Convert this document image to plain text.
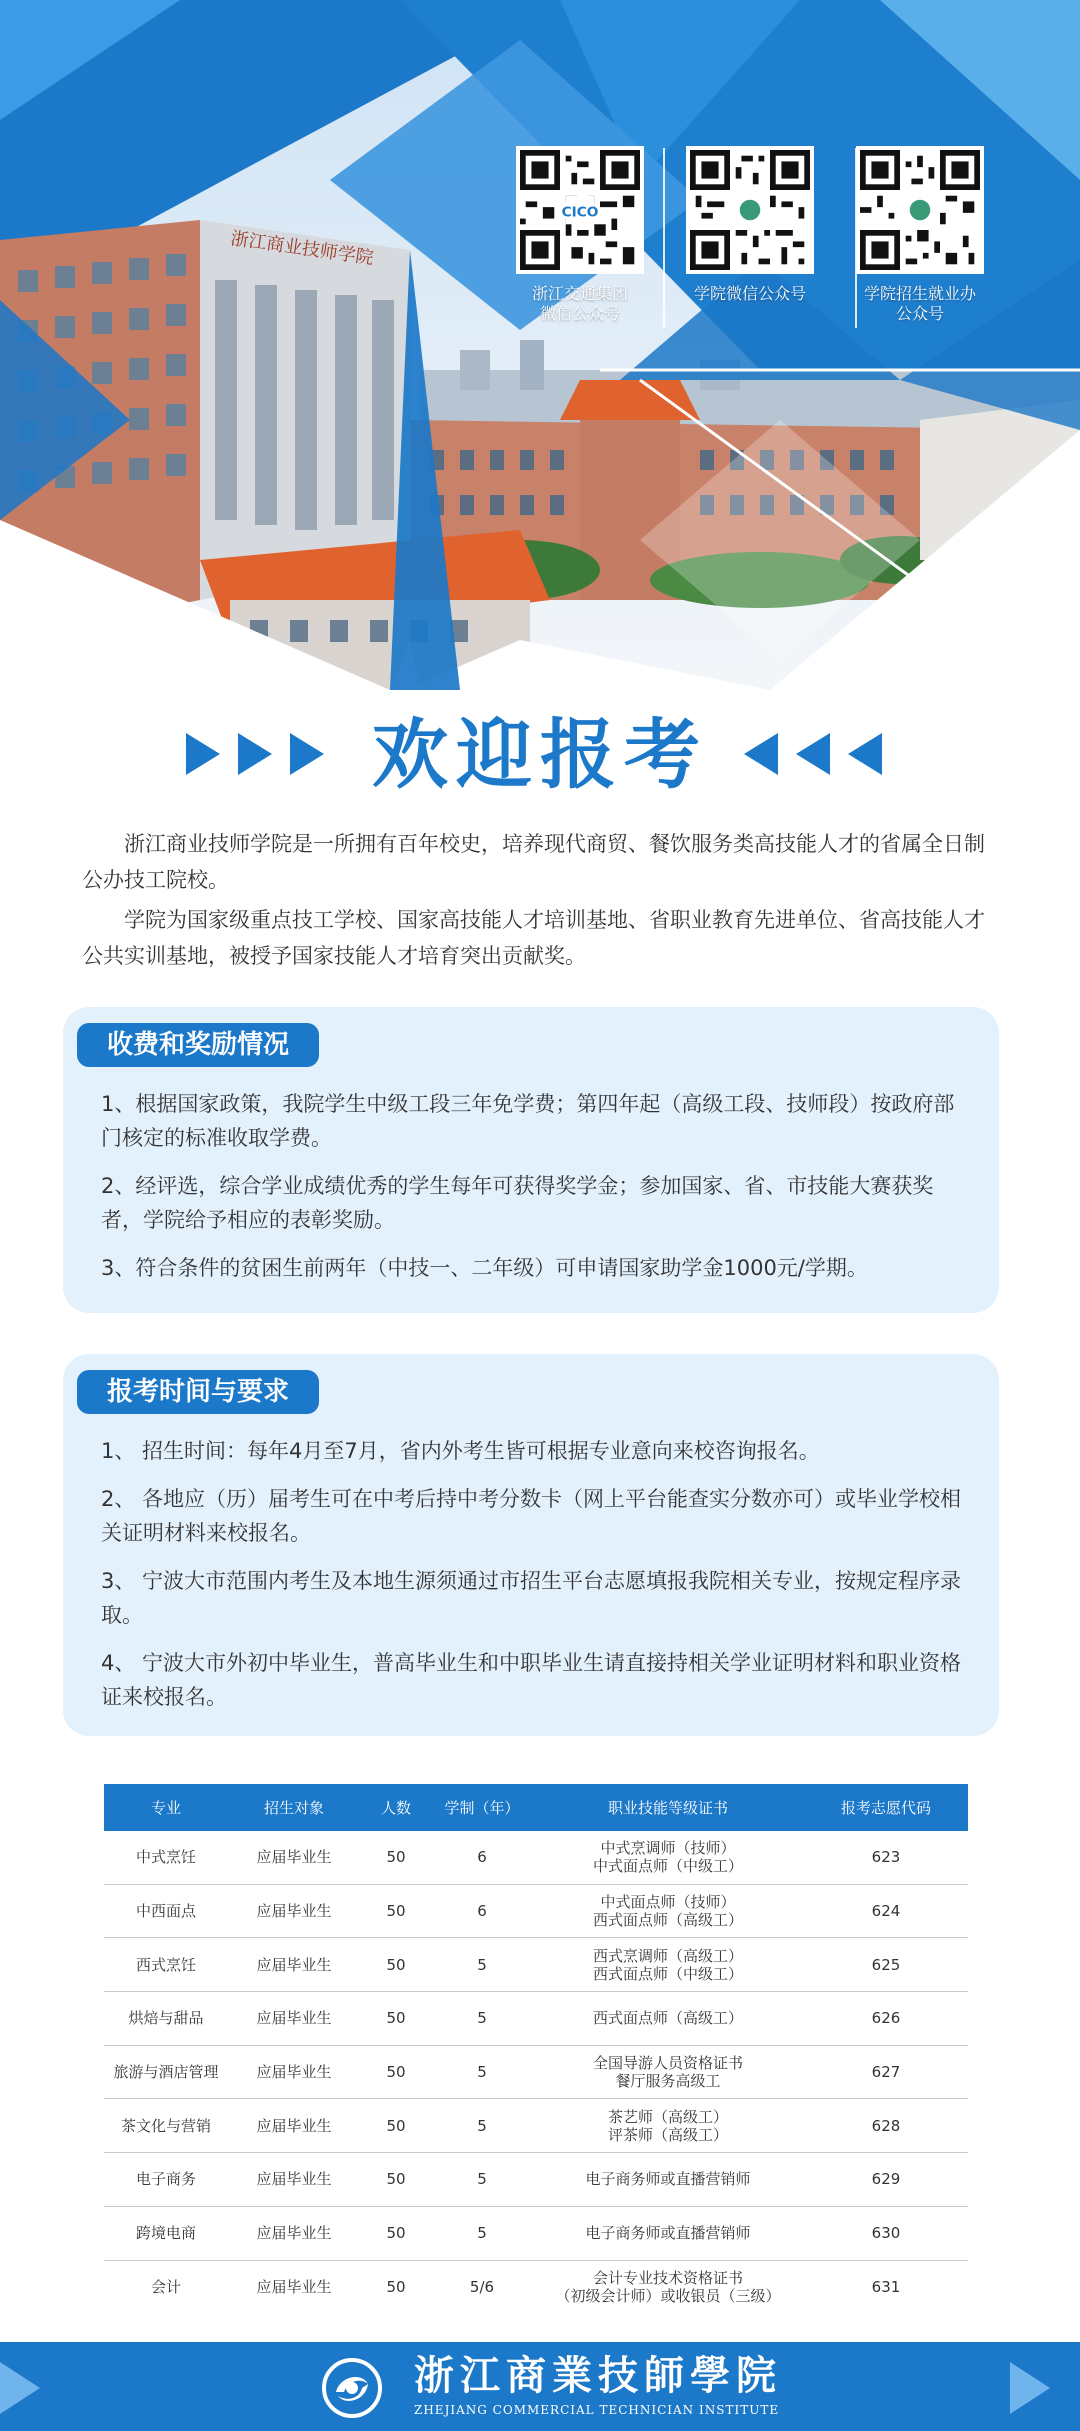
浙江商业技师学院
CICO
浙江交通集团
微信公众号
学院微信公众号	学院招生就业办
公众号
欢迎报考

浙江商业技师学院是一所拥有百年校史，培养现代商贸、餐饮服务类高技能人才的省属全日制公办技工院校。

学院为国家级重点技工学校、国家高技能人才培训基地、省职业教育先进单位、省高技能人才公共实训基地，被授予国家技能人才培育突出贡献奖。

收费和奖励情况

1、根据国家政策，我院学生中级工段三年免学费；第四年起（高级工段、技师段）按政府部门核定的标准收取学费。

2、经评选，综合学业成绩优秀的学生每年可获得奖学金；参加国家、省、市技能大赛获奖者，学院给予相应的表彰奖励。

3、符合条件的贫困生前两年（中技一、二年级）可申请国家助学金1000元/学期。

报考时间与要求

1、 招生时间：每年4月至7月，省内外考生皆可根据专业意向来校咨询报名。

2、 各地应（历）届考生可在中考后持中考分数卡（网上平台能查实分数亦可）或毕业学校相关证明材料来校报名。

3、 宁波大市范围内考生及本地生源须通过市招生平台志愿填报我院相关专业，按规定程序录取。

4、 宁波大市外初中毕业生，普高毕业生和中职毕业生请直接持相关学业证明材料和职业资格证来校报名。

专业	招生对象	人数	学制（年）	职业技能等级证书	报考志愿代码
中式烹饪	应届毕业生	50	6	中式烹调师（技师）
中式面点师（中级工）	623
中西面点	应届毕业生	50	6	中式面点师（技师）
西式面点师（高级工）	624
西式烹饪	应届毕业生	50	5	西式烹调师（高级工）
西式面点师（中级工）	625
烘焙与甜品	应届毕业生	50	5	西式面点师（高级工）	626
旅游与酒店管理	应届毕业生	50	5	全国导游人员资格证书
餐厅服务高级工	627
茶文化与营销	应届毕业生	50	5	茶艺师（高级工）
评茶师（高级工）	628
电子商务	应届毕业生	50	5	电子商务师或直播营销师	629
跨境电商	应届毕业生	50	5	电子商务师或直播营销师	630
会计	应届毕业生	50	5/6	会计专业技术资格证书
（初级会计师）或收银员（三级）	631
浙江商業技師學院
ZHEJIANG COMMERCIAL TECHNICIAN INSTITUTE
